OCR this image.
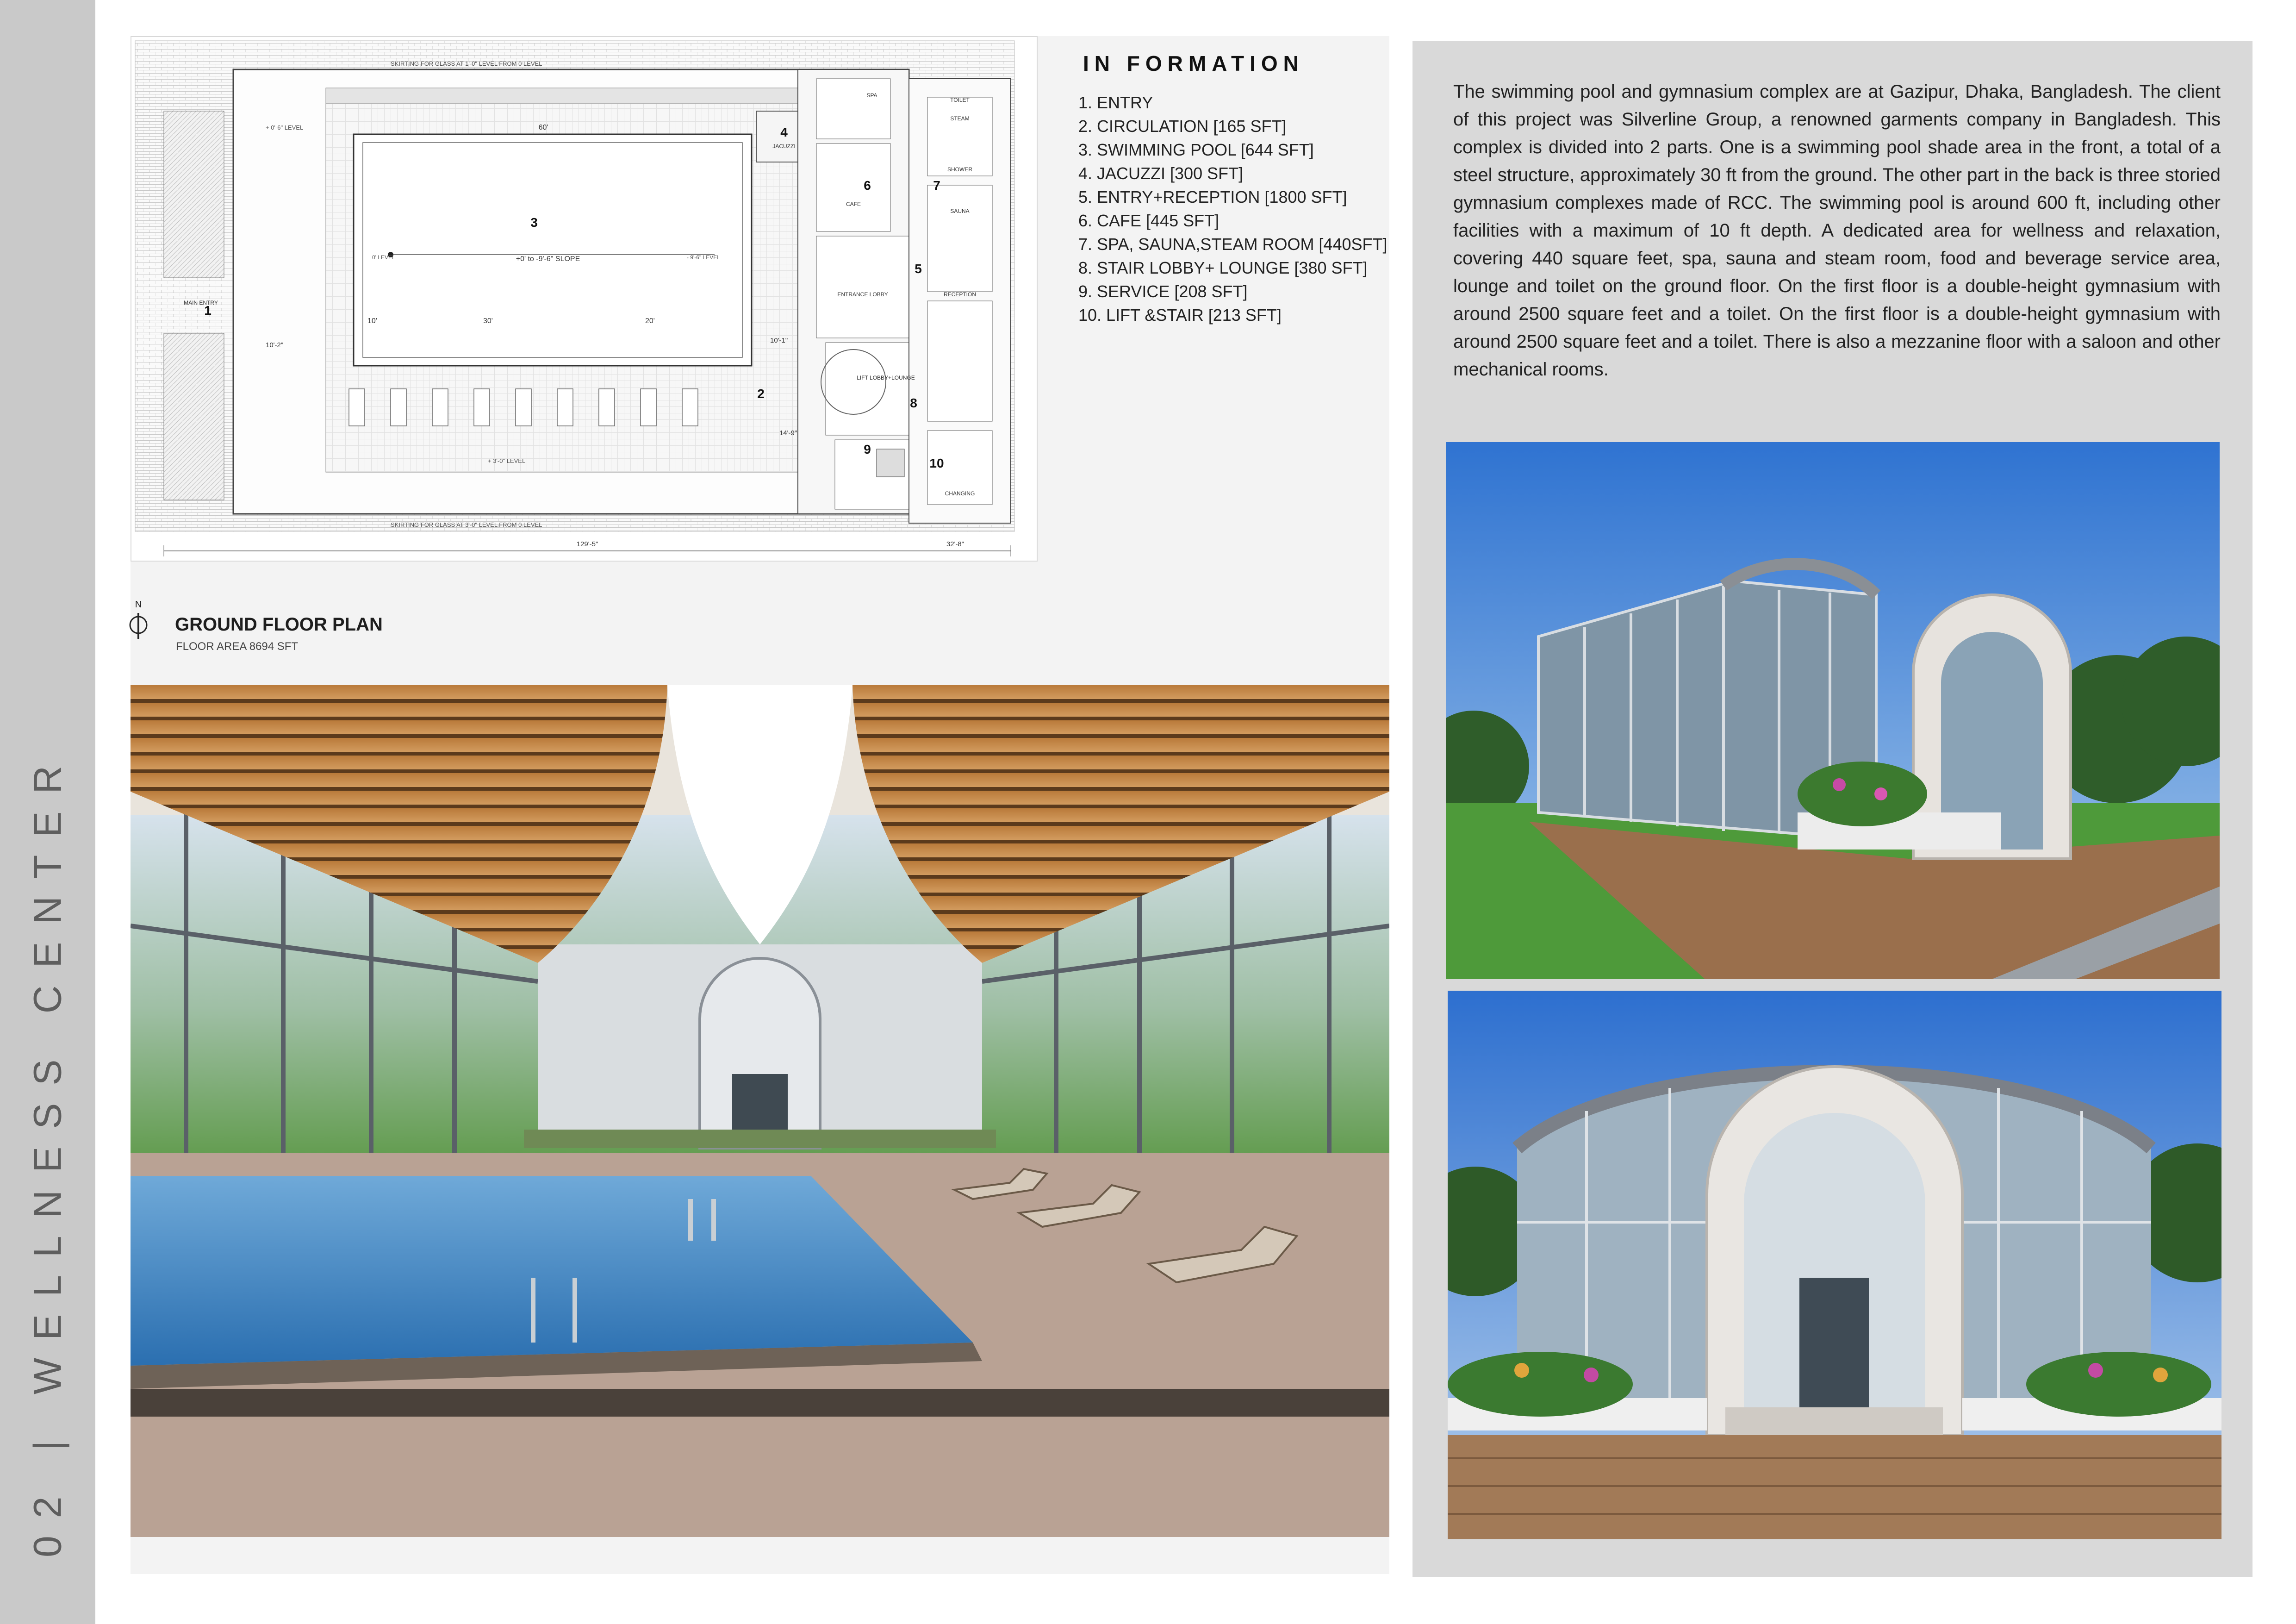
02 | WELLNESS CENTER
SKIRTING FOR GLASS AT 1'-0" LEVEL FROM 0 LEVEL
SKIRTING FOR GLASS AT 3'-0" LEVEL FROM 0 LEVEL
60'
+0' to -9'-6" SLOPE
0' LEVEL	- 9'-6" LEVEL
10'	30'	20'
+ 3'-0" LEVEL
+ 0'-6" LEVEL
10'-2"
10'-1"
14'-9"
MAIN ENTRY
JACUZZI
CAFE
SPA
STEAM
SAUNA
SHOWER
TOILET
ENTRANCE LOBBY	RECEPTION
LIFT LOBBY+LOUNGE
CHANGING
129'-5"	32'-8"
1
2
3
4
5
6	7
8
9
10
IN FORMATION
1. ENTRY
2. CIRCULATION [165 SFT]
3. SWIMMING POOL [644 SFT]
4. JACUZZI [300 SFT]
5. ENTRY+RECEPTION [1800 SFT]
6. CAFE [445 SFT]
7. SPA, SAUNA,STEAM ROOM [440SFT]
8. STAIR LOBBY+ LOUNGE [380 SFT]
9. SERVICE [208 SFT]
10. LIFT &STAIR [213 SFT]
N
GROUND FLOOR PLAN
FLOOR AREA 8694 SFT

The swimming pool and gymnasium complex are at Gazipur, Dhaka, Bangladesh. The client of this project was Silverline Group, a renowned garments company in Bangladesh. This complex is divided into 2 parts. One is a swimming pool shade area in the front, a total of a steel structure, approximately 30 ft from the ground. The other part in the back is three storied gymnasium complexes made of RCC. The swimming pool is around 600 ft, including other facilities with a maximum of 10 ft depth. A dedicated area for wellness and relaxation, covering 440 square feet, spa, sauna and steam room, food and beverage service area, lounge and toilet on the ground floor. On the first floor is a double-height gymnasium with around 2500 square feet and a toilet. On the first floor is a double-height gymnasium with around 2500 square feet and a toilet. There is also a mezzanine floor with a saloon and other mechanical rooms.
